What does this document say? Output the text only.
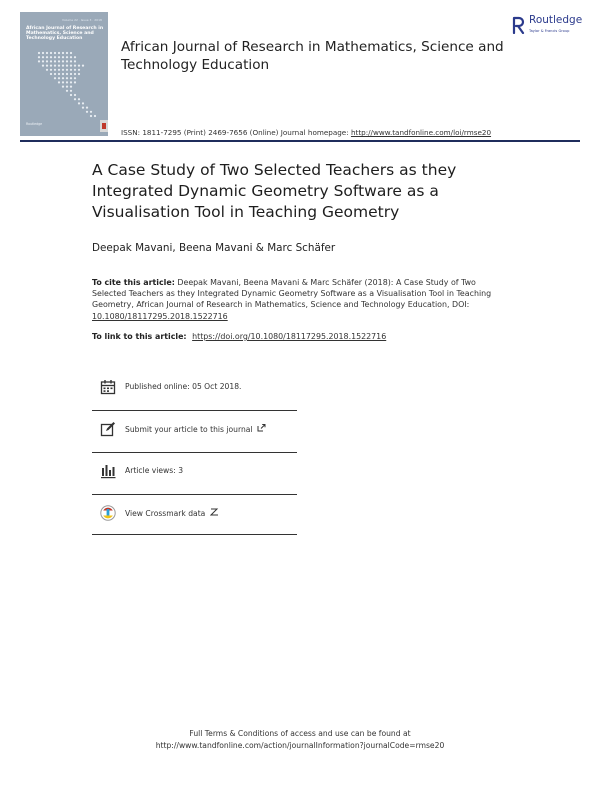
Volume 22 · Issue 3 · 2018
African Journal of Research in
Mathematics, Science and
Technology Education
Routledge
African Journal of Research in Mathematics, Science and Technology Education
Routledge
Taylor & Francis Group
ISSN: 1811-7295 (Print) 2469-7656 (Online) Journal homepage: http://www.tandfonline.com/loi/rmse20
A Case Study of Two Selected Teachers as they Integrated Dynamic Geometry Software as a Visualisation Tool in Teaching Geometry
Deepak Mavani, Beena Mavani & Marc Schäfer
To cite this article: Deepak Mavani, Beena Mavani & Marc Schäfer (2018): A Case Study of Two Selected Teachers as they Integrated Dynamic Geometry Software as a Visualisation Tool in Teaching Geometry, African Journal of Research in Mathematics, Science and Technology Education, DOI: 10.1080/18117295.2018.1522716
To link to this article: https://doi.org/10.1080/18117295.2018.1522716
Published online: 05 Oct 2018.
Submit your article to this journal
Article views: 3
View Crossmark data
Full Terms & Conditions of access and use can be found at
http://www.tandfonline.com/action/journalInformation?journalCode=rmse20
